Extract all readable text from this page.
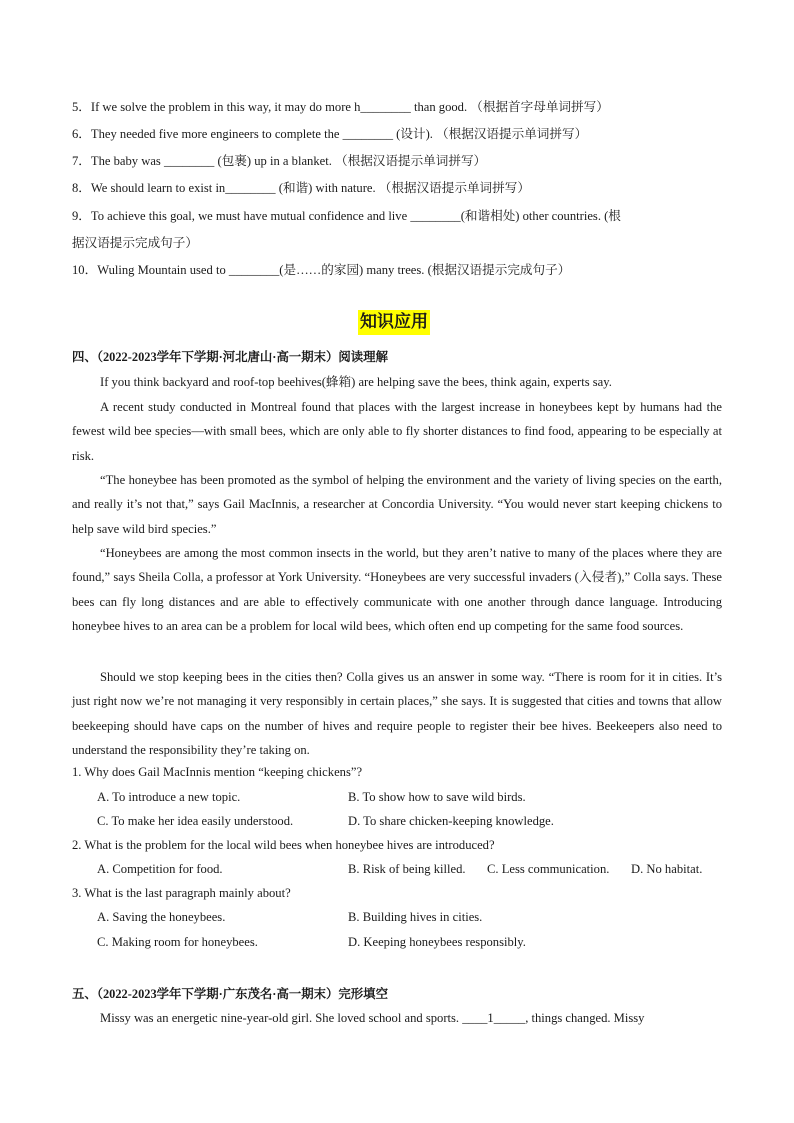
5．If we solve the problem in this way, it may do more h________ than good. （根据首字母单词拼写）
6．They needed five more engineers to complete the ________ (设计). （根据汉语提示单词拼写）
7．The baby was ________ (包裹) up in a blanket. （根据汉语提示单词拼写）
8．We should learn to exist in________ (和谐) with nature. （根据汉语提示单词拼写）
9．To achieve this goal, we must have mutual confidence and live ________(和谐相处) other countries. (根
据汉语提示完成句子）
10．Wuling Mountain used to ________(是……的家园) many trees. (根据汉语提示完成句子）
知识应用
四、（2022-2023学年下学期·河北唐山·高一期末）阅读理解
If you think backyard and roof-top beehives(蜂箱) are helping save the bees, think again, experts say.
A recent study conducted in Montreal found that places with the largest increase in honeybees kept by humans had the fewest wild bee species—with small bees, which are only able to fly shorter distances to find food, appearing to be especially at risk.
“The honeybee has been promoted as the symbol of helping the environment and the variety of living species on the earth, and really it’s not that,” says Gail MacInnis, a researcher at Concordia University. “You would never start keeping chickens to help save wild bird species.”
“Honeybees are among the most common insects in the world, but they aren’t native to many of the places where they are found,” says Sheila Colla, a professor at York University. “Honeybees are very successful invaders (入侵者),” Colla says. These bees can fly long distances and are able to effectively communicate with one another through dance language. Introducing honeybee hives to an area can be a problem for local wild bees, which often end up competing for the same food sources.
Should we stop keeping bees in the cities then? Colla gives us an answer in some way. “There is room for it in cities. It’s just right now we’re not managing it very responsibly in certain places,” she says. It is suggested that cities and towns that allow beekeeping should have caps on the number of hives and require people to register their bee hives. Beekeepers also need to understand the responsibility they’re taking on.
1. Why does Gail MacInnis mention “keeping chickens”?
A. To introduce a new topic.	B. To show how to save wild birds.
C. To make her idea easily understood.	D. To share chicken-keeping knowledge.
2. What is the problem for the local wild bees when honeybee hives are introduced?
A. Competition for food.	B. Risk of being killed. C. Less communication. D. No habitat.
3. What is the last paragraph mainly about?
A. Saving the honeybees.	B. Building hives in cities.
C. Making room for honeybees.	D. Keeping honeybees responsibly.
五、（2022-2023学年下学期·广东茂名·高一期末）完形填空
Missy was an energetic nine-year-old girl. She loved school and sports. ____1_____, things changed. Missy
